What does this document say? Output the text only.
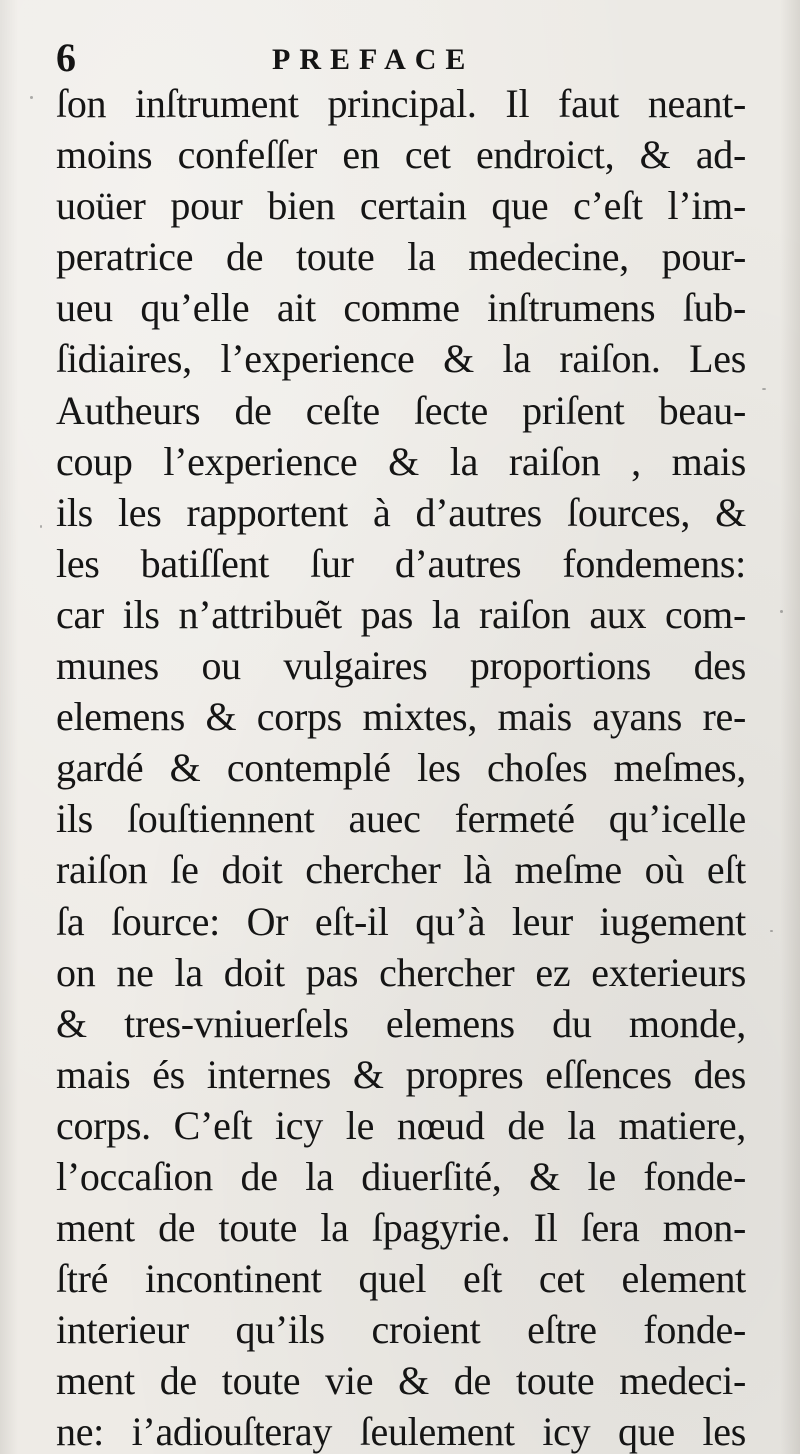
6	PREFACE
ſon inſtrument principal. Il faut neant-
moins confeſſer en cet endroict, & ad-
uoüer pour bien certain que c’eſt l’im-
peratrice de toute la medecine, pour-
ueu qu’elle ait comme inſtrumens ſub-
ſidiaires, l’experience & la raiſon. Les
Autheurs de ceſte ſecte priſent beau-
coup l’experience & la raiſon , mais
ils les rapportent à d’autres ſources, &
les batiſſent ſur d’autres fondemens:
car ils n’attribuẽt pas la raiſon aux com-
munes ou vulgaires proportions des
elemens & corps mixtes, mais ayans re-
gardé & contemplé les choſes meſmes,
ils ſouſtiennent auec fermeté qu’icelle
raiſon ſe doit chercher là meſme où eſt
ſa ſource: Or eſt-il qu’à leur iugement
on ne la doit pas chercher ez exterieurs
& tres-vniuerſels elemens du monde,
mais és internes & propres eſſences des
corps. C’eſt icy le nœud de la matiere,
l’occaſion de la diuerſité, & le fonde-
ment de toute la ſpagyrie. Il ſera mon-
ſtré incontinent quel eſt cet element
interieur qu’ils croient eſtre fonde-
ment de toute vie & de toute medeci-
ne: i’adiouſteray ſeulement icy que les
